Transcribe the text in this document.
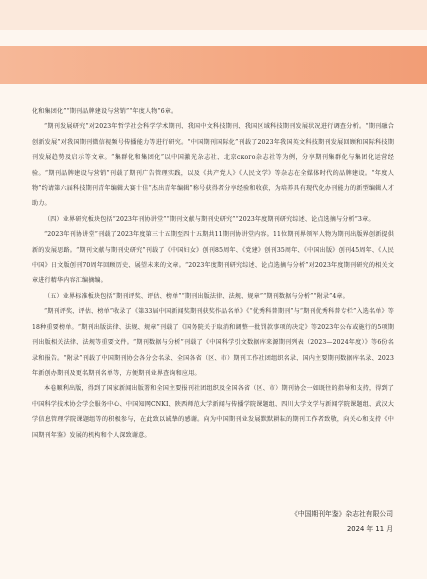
化和集团化”“期刊品牌建设与营销”“年度人物”6章。

“期刊发展研究”对2023年哲学社会科学学术期刊、我国中文科技期刊、我国区域科技期刊发展状况进行调查分析。“期刊融合创新发展”对我国期刊微信视频号传播能力等进行研究。“中国期刊国际化”刊载了2023年我国英文科技期刊发展回顾和国际科技期刊发展趋势及启示等文章。“集群化和集团化”以中国激光杂志社、北京ского杂志社等为例，分享期刊集群化与集团化运营经验。“期刊品牌建设与营销”刊载了期刊广告管理实践，以及《共产党人》《人民文学》等杂志在全媒体时代的品牌建设。“年度人物”约请第六届科技期刊青年编辑大赛十佳“杰出青年编辑”称号获得者分享经验和收获，为培养具有现代化办刊能力的新型编辑人才助力。

（四）业界研究板块包括“2023年刊协讲堂”“期刊文献与期刊史研究”“2023年度期刊研究综述、论点选摘与分析”3章。

“2023年刊协讲堂”刊载了2023年度第三十五期至四十五期共11期刊协讲堂内容。11位期刊界领军人物为期刊出版界创新提供新的发展思路。“期刊文献与期刊史研究”刊载了《中国妇女》创刊85周年、《党建》创刊35周年、《中国出版》创刊45周年、《人民中国》日文版创刊70周年回顾历史、展望未来的文章。“2023年度期刊研究综述、论点选摘与分析”对2023年度期刊研究的相关文章进行精华内容汇编摘编。

（五）业界标准板块包括“期刊评奖、评估、榜单”“期刊出版法律、法规、规章”“期刊数据与分析”“附录”4章。

“期刊评奖、评估、榜单”收录了《第33届中国新闻奖期刊获奖作品名单》《“优秀科普期刊”与“期刊优秀科普专栏”入选名单》等18种重要榜单。“期刊出版法律、法规、规章”刊载了《国务院关于取消和调整一批罚款事项的决定》等2023年公布或施行的5项期刊出版相关法律、法规等重要文件。“期刊数据与分析”刊载了《中国科学引文数据库来源期刊列表（2023—2024年度）》等6份名录和报告。“附录”刊载了中国期刊协会各分会名录、全国各省（区、市）期刊工作社团组织名录、国内主要期刊数据库名录、2023年新创办期刊及更名期刊名单等，方便期刊业界查询和应用。

本卷顺利出版，得到了国家新闻出版署和全国主要报刊社团组织及全国各省（区、市）期刊协会一如既往的指导和支持，得到了中国科学技术协会学会服务中心、中国知网CNKI、陕西师范大学新闻与传播学院课题组、四川大学文学与新闻学院课题组、武汉大学信息管理学院课题组等的积极参与，在此致以诚挚的感谢。向为中国期刊业发展默默耕耘的期刊工作者致敬，向关心和支持《中国期刊年鉴》发展的机构和个人深致谢意。

《中国期刊年鉴》杂志社有限公司
2024 年 11 月
